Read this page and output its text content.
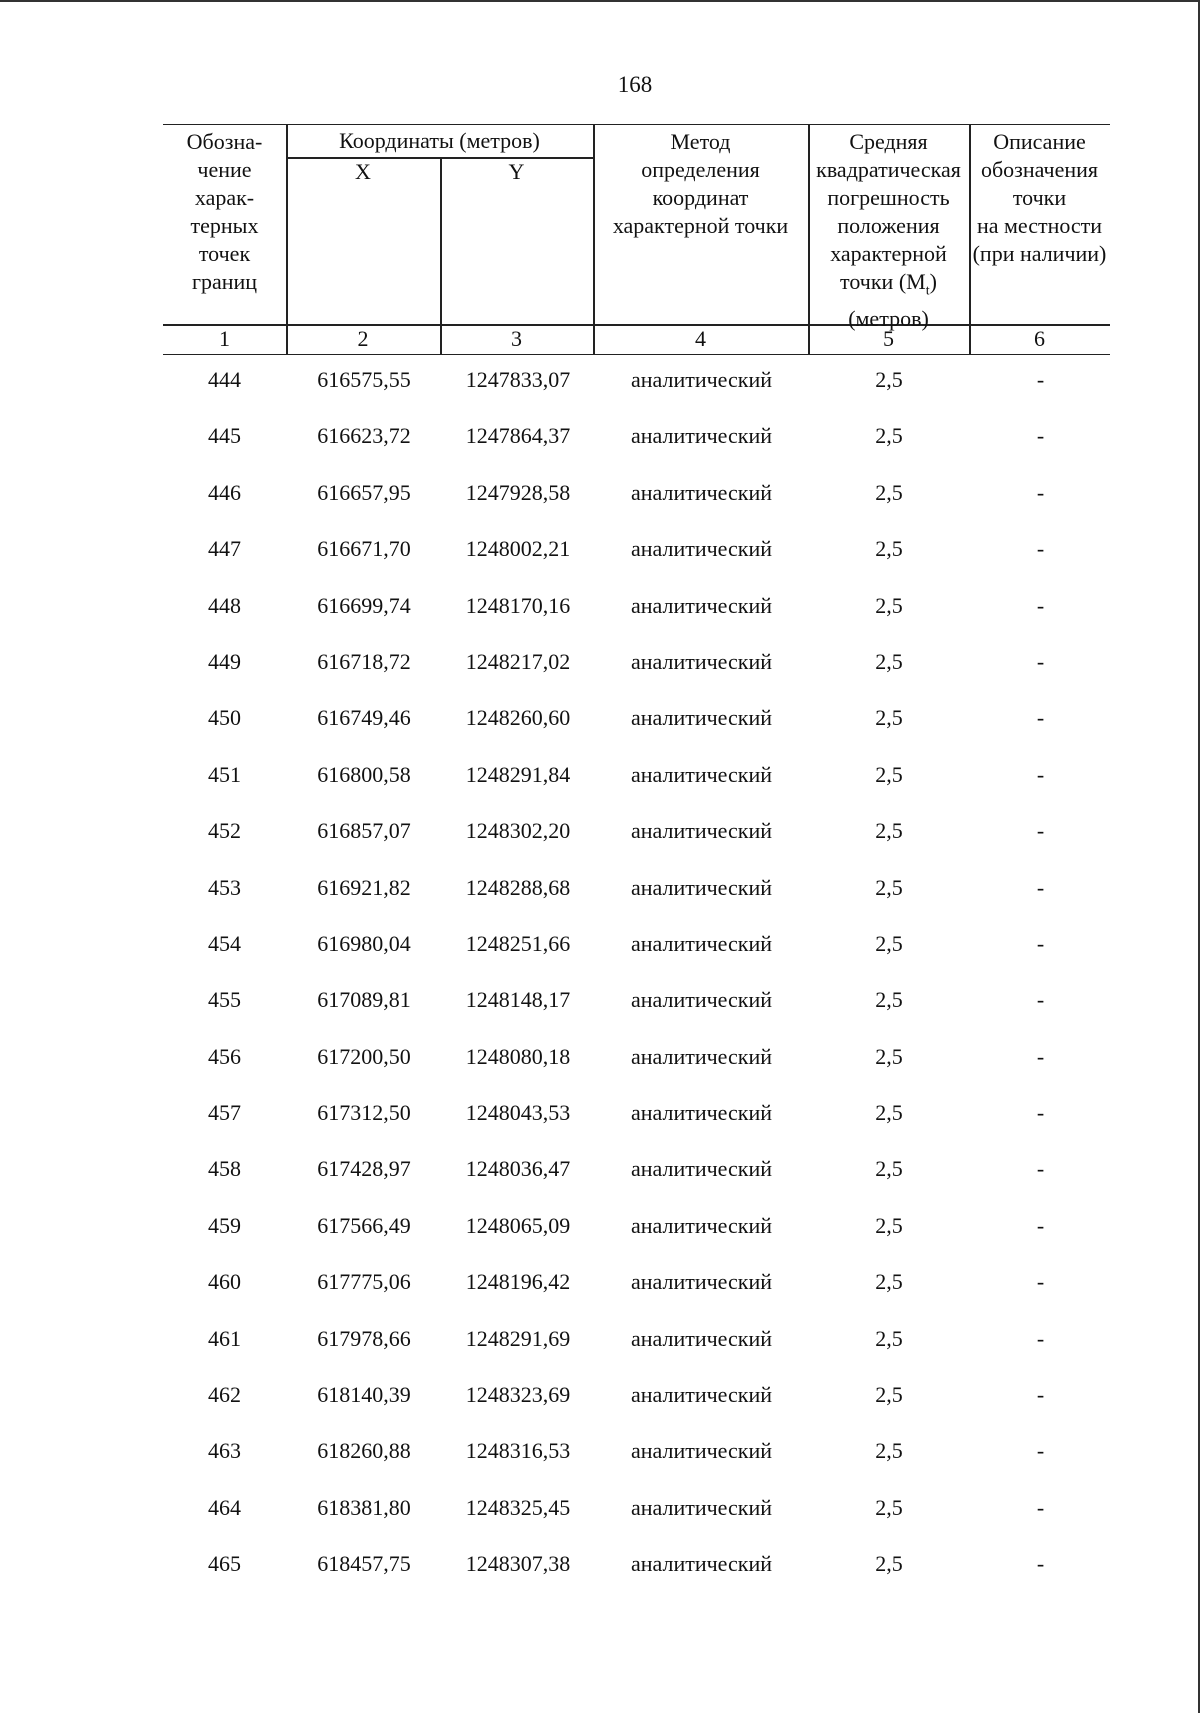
168
Обозна-
чение
харак-
терных
точек
границ
Координаты (метров)
X	Y
Метод
определения
координат
характерной точки
Средняя
квадратическая
погрешность
положения
характерной
точки $(M_t)$
(метров)
Описание
обозначения
точки
на местности
(при наличии)
1	2	3	4	5	6
444	616575,55	1247833,07	аналитический	2,5	-
445	616623,72	1247864,37	аналитический	2,5	-
446	616657,95	1247928,58	аналитический	2,5	-
447	616671,70	1248002,21	аналитический	2,5	-
448	616699,74	1248170,16	аналитический	2,5	-
449	616718,72	1248217,02	аналитический	2,5	-
450	616749,46	1248260,60	аналитический	2,5	-
451	616800,58	1248291,84	аналитический	2,5	-
452	616857,07	1248302,20	аналитический	2,5	-
453	616921,82	1248288,68	аналитический	2,5	-
454	616980,04	1248251,66	аналитический	2,5	-
455	617089,81	1248148,17	аналитический	2,5	-
456	617200,50	1248080,18	аналитический	2,5	-
457	617312,50	1248043,53	аналитический	2,5	-
458	617428,97	1248036,47	аналитический	2,5	-
459	617566,49	1248065,09	аналитический	2,5	-
460	617775,06	1248196,42	аналитический	2,5	-
461	617978,66	1248291,69	аналитический	2,5	-
462	618140,39	1248323,69	аналитический	2,5	-
463	618260,88	1248316,53	аналитический	2,5	-
464	618381,80	1248325,45	аналитический	2,5	-
465	618457,75	1248307,38	аналитический	2,5	-
